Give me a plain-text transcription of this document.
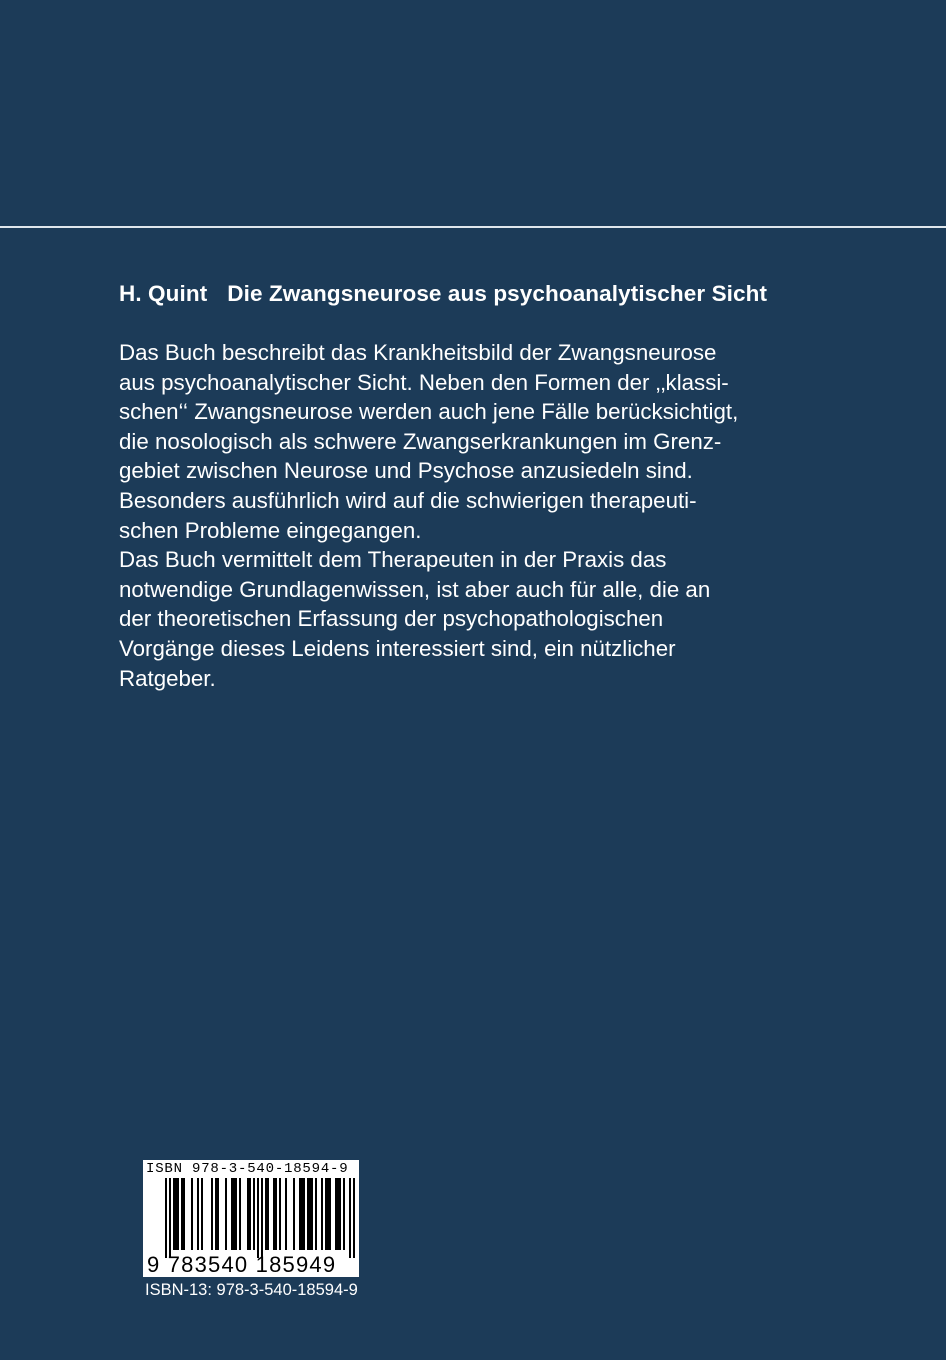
H. Quint Die Zwangsneurose aus psychoanalytischer Sicht
Das Buch beschreibt das Krankheitsbild der Zwangsneurose
aus psychoanalytischer Sicht. Neben den Formen der ‚‚klassi-
schen‘‘ Zwangsneurose werden auch jene Fälle berücksichtigt,
die nosologisch als schwere Zwangserkrankungen im Grenz-
gebiet zwischen Neurose und Psychose anzusiedeln sind.
Besonders ausführlich wird auf die schwierigen therapeuti-
schen Probleme eingegangen.
Das Buch vermittelt dem Therapeuten in der Praxis das
notwendige Grundlagenwissen, ist aber auch für alle, die an
der theoretischen Erfassung der psychopathologischen
Vorgänge dieses Leidens interessiert sind, ein nützlicher
Ratgeber.
ISBN 978-3-540-18594-9
9 783540 185949
ISBN-13: 978-3-540-18594-9
